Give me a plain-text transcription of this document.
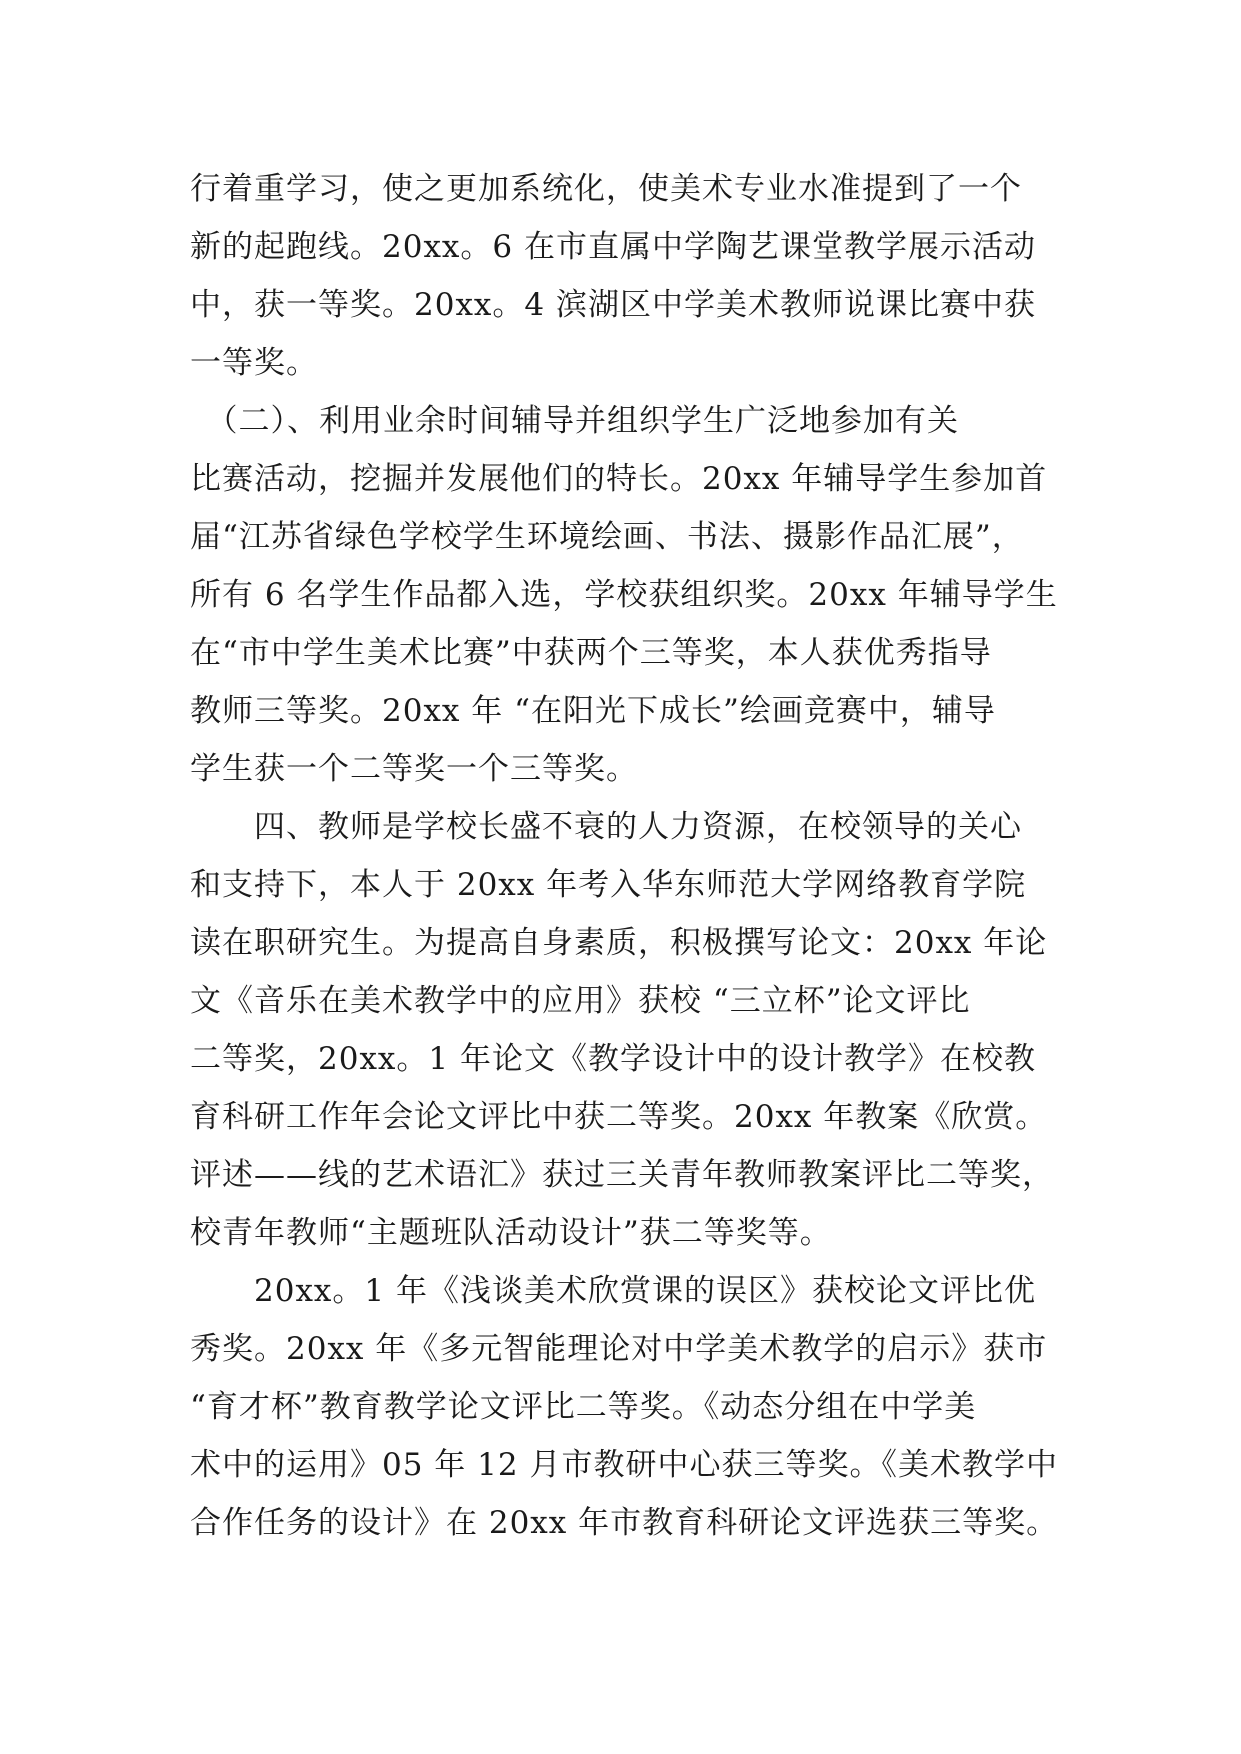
行着重学习，使之更加系统化，使美术专业水准提到了一个
新的起跑线。20xx。6 在市直属中学陶艺课堂教学展示活动
中，获一等奖。20xx。4 滨湖区中学美术教师说课比赛中获
一等奖。
　（二）、利用业余时间辅导并组织学生广泛地参加有关
比赛活动，挖掘并发展他们的特长。20xx 年辅导学生参加首
届“江苏省绿色学校学生环境绘画、书法、摄影作品汇展”，
所有 6 名学生作品都入选，学校获组织奖。20xx 年辅导学生
在“市中学生美术比赛”中获两个三等奖，本人获优秀指导
教师三等奖。20xx 年 “在阳光下成长”绘画竞赛中，辅导
学生获一个二等奖一个三等奖。
　　四、教师是学校长盛不衰的人力资源，在校领导的关心
和支持下，本人于 20xx 年考入华东师范大学网络教育学院
读在职研究生。为提高自身素质，积极撰写论文：20xx 年论
文《音乐在美术教学中的应用》获校 “三立杯”论文评比
二等奖，20xx。1 年论文《教学设计中的设计教学》在校教
育科研工作年会论文评比中获二等奖。20xx 年教案《欣赏。
评述——线的艺术语汇》获过三关青年教师教案评比二等奖，
校青年教师“主题班队活动设计”获二等奖等。
　　20xx。1 年《浅谈美术欣赏课的误区》获校论文评比优
秀奖。20xx 年《多元智能理论对中学美术教学的启示》获市
“育才杯”教育教学论文评比二等奖。《动态分组在中学美
术中的运用》05 年 12 月市教研中心获三等奖。《美术教学中
合作任务的设计》在 20xx 年市教育科研论文评选获三等奖。
